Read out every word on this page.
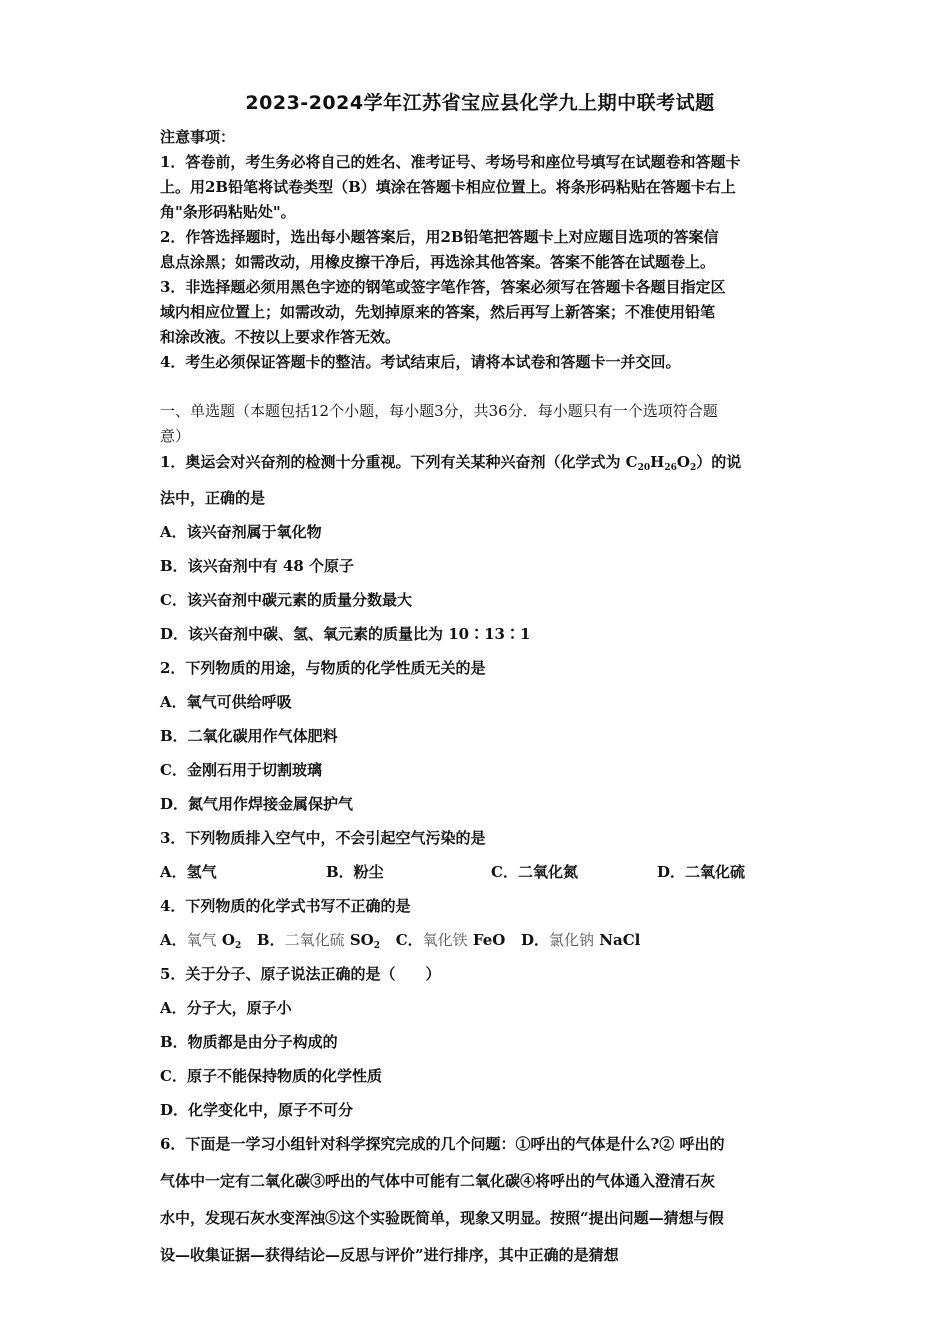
2023-2024学年江苏省宝应县化学九上期中联考试题
注意事项：
1．答卷前，考生务必将自己的姓名、准考证号、考场号和座位号填写在试题卷和答题卡
上。用2B铅笔将试卷类型（B）填涂在答题卡相应位置上。将条形码粘贴在答题卡右上
角"条形码粘贴处"。
2．作答选择题时，选出每小题答案后，用2B铅笔把答题卡上对应题目选项的答案信
息点涂黑；如需改动，用橡皮擦干净后，再选涂其他答案。答案不能答在试题卷上。
3．非选择题必须用黑色字迹的钢笔或签字笔作答，答案必须写在答题卡各题目指定区
域内相应位置上；如需改动，先划掉原来的答案，然后再写上新答案；不准使用铅笔
和涂改液。不按以上要求作答无效。
4．考生必须保证答题卡的整洁。考试结束后，请将本试卷和答题卡一并交回。
一、单选题（本题包括12个小题，每小题3分，共36分．每小题只有一个选项符合题
意）
1．奥运会对兴奋剂的检测十分重视。下列有关某种兴奋剂（化学式为 $C_{20}H_{26}O_2$）的说
法中，正确的是
A．该兴奋剂属于氧化物
B．该兴奋剂中有 48 个原子
C．该兴奋剂中碳元素的质量分数最大
D．该兴奋剂中碳、氢、氧元素的质量比为 10∶13∶1
2．下列物质的用途，与物质的化学性质无关的是
A．氧气可供给呼吸
B．二氧化碳用作气体肥料
C．金刚石用于切割玻璃
D．氮气用作焊接金属保护气
3．下列物质排入空气中，不会引起空气污染的是
A．氢气	B．粉尘	C．二氧化氮	D．二氧化硫
4．下列物质的化学式书写不正确的是
A．氧气 $O_2$ B．二氧化硫 $SO_2$ C．氧化铁 FeO D．氯化钠 NaCl
5．关于分子、原子说法正确的是（　　）
A．分子大，原子小
B．物质都是由分子构成的
C．原子不能保持物质的化学性质
D．化学变化中，原子不可分
6．下面是一学习小组针对科学探究完成的几个问题：①呼出的气体是什么?② 呼出的
气体中一定有二氧化碳③呼出的气体中可能有二氧化碳④将呼出的气体通入澄清石灰
水中，发现石灰水变浑浊⑤这个实验既简单，现象又明显。按照“提出问题—猜想与假
设—收集证据—获得结论—反思与评价”进行排序，其中正确的是猜想
